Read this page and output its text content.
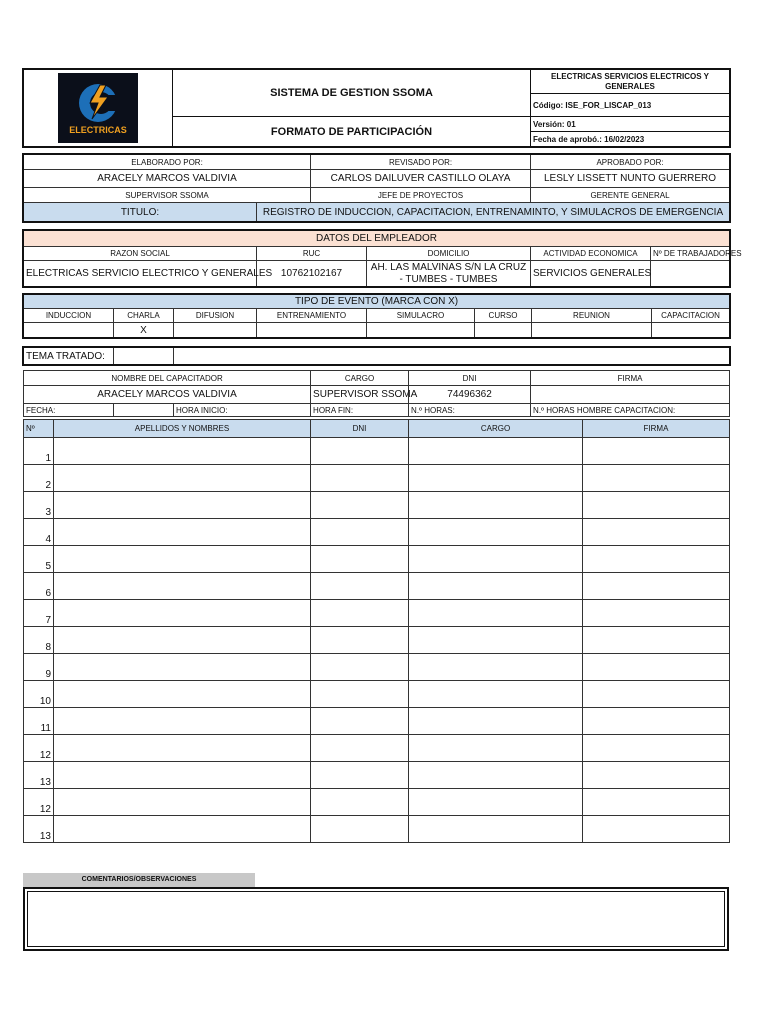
ELECTRICAS	SISTEMA DE GESTION SSOMA	ELECTRICAS SERVICIOS ELECTRICOS Y GENERALES
		Código: ISE_FOR_LISCAP_013
	FORMATO DE PARTICIPACIÓN	Versión: 01
		Fecha de aprobó.: 16/02/2023
ELABORADO POR:		REVISADO POR:	APROBADO POR:
ARACELY MARCOS VALDIVIA		CARLOS DAILUVER CASTILLO OLAYA	LESLY LISSETT NUNTO GUERRERO
SUPERVISOR SSOMA		JEFE DE PROYECTOS	GERENTE GENERAL
TITULO:	REGISTRO DE INDUCCION, CAPACITACION, ENTRENAMINTO, Y SIMULACROS DE EMERGENCIA		
DATOS DEL EMPLEADOR				
RAZON SOCIAL	RUC	DOMICILIO	ACTIVIDAD ECONOMICA	Nº DE TRABAJADORES
ELECTRICAS SERVICIO ELECTRICO Y GENERALES	10762102167	AH. LAS MALVINAS S/N LA CRUZ - TUMBES - TUMBES	SERVICIOS GENERALES	
TIPO DE EVENTO (MARCA CON X)							
INDUCCION	CHARLA	DIFUSION	ENTRENAMIENTO	SIMULACRO	CURSO	REUNION	CAPACITACION
	X						
TEMA TRATADO:		
NOMBRE DEL CAPACITADOR			CARGO	DNI	FIRMA
ARACELY MARCOS VALDIVIA			SUPERVISOR SSOMA	74496362	
FECHA:		HORA INICIO:	HORA FIN:	N.º HORAS:	N.º HORAS HOMBRE CAPACITACION:
Nº	APELLIDOS Y NOMBRES	DNI	CARGO	FIRMA
1				
2				
3				
4				
5				
6				
7				
8				
9				
10				
11				
12				
13				
12				
13				
COMENTARIOS/OBSERVACIONES
